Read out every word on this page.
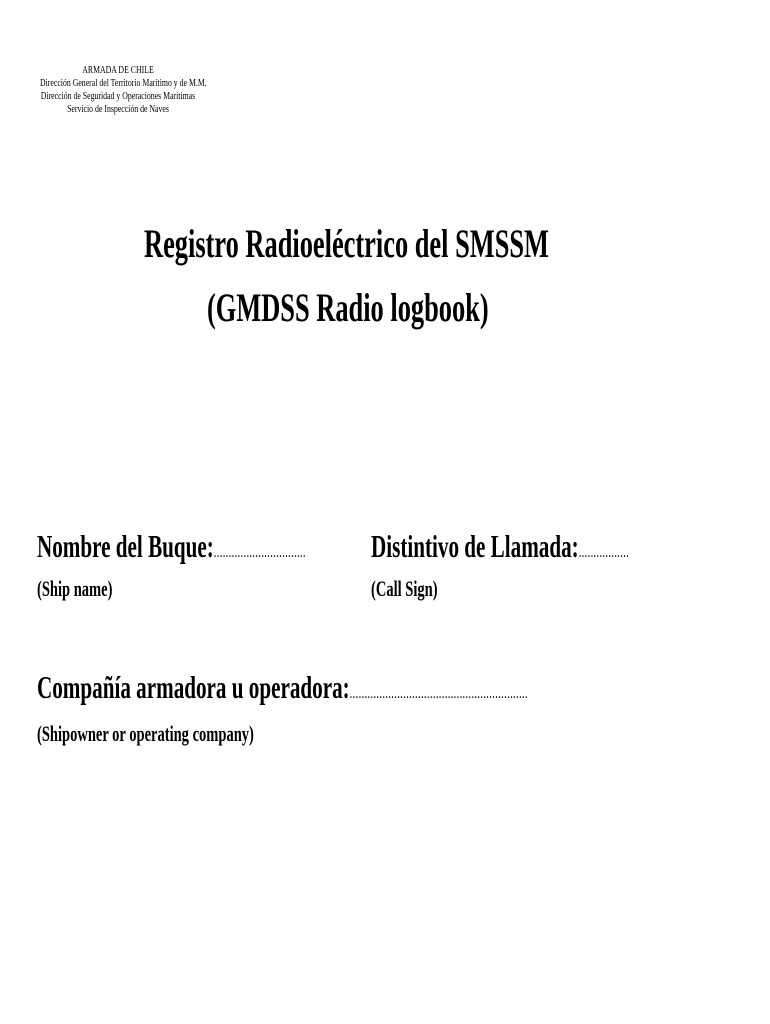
ARMADA DE CHILE
Dirección General del Territorio Marítimo y de M.M.
Dirección de Seguridad y Operaciones Marítimas
Servicio de Inspección de Naves
Registro Radioeléctrico del SMSSM
(GMDSS Radio logbook)
Nombre del Buque:...............................
(Ship name)
Distintivo de Llamada:.................
(Call Sign)
Compañía armadora u operadora:............................................................
(Shipowner or operating company)
